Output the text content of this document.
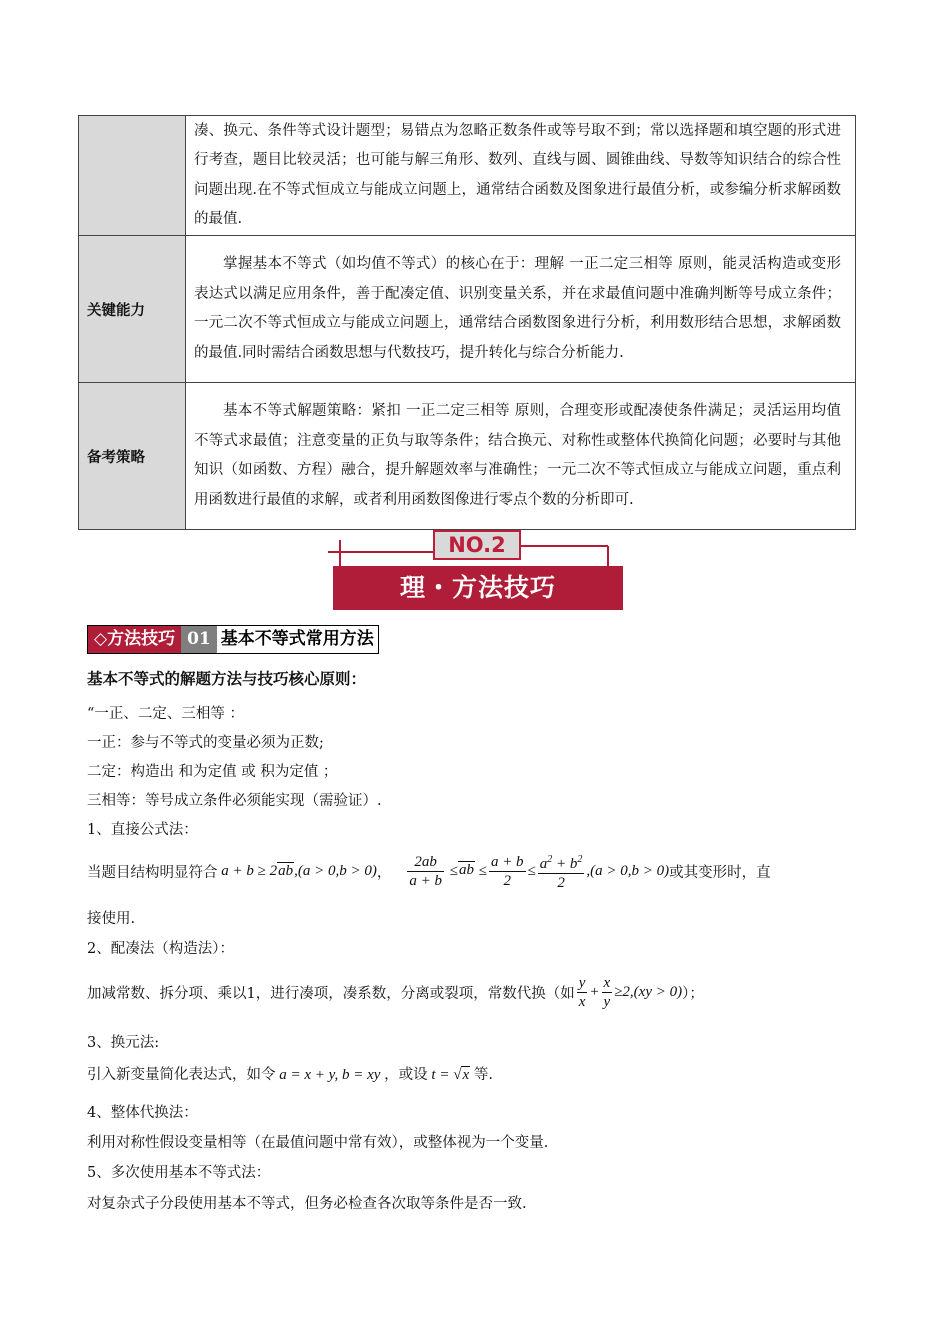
	凑、换元、条件等式设计题型；易错点为忽略正数条件或等号取不到；常以选择题和填空题的形式进行考查，题目比较灵活；也可能与解三角形、数列、直线与圆、圆锥曲线、导数等知识结合的综合性问题出现.在不等式恒成立与能成立问题上，通常结合函数及图象进行最值分析，或参编分析求解函数的最值.
关键能力	掌握基本不等式（如均值不等式）的核心在于：理解 一正二定三相等 原则，能灵活构造或变形表达式以满足应用条件，善于配凑定值、识别变量关系，并在求最值问题中准确判断等号成立条件；一元二次不等式恒成立与能成立问题上，通常结合函数图象进行分析，利用数形结合思想，求解函数的最值.同时需结合函数思想与代数技巧，提升转化与综合分析能力.
备考策略	基本不等式解题策略：紧扣 一正二定三相等 原则，合理变形或配凑使条件满足；灵活运用均值不等式求最值；注意变量的正负与取等条件；结合换元、对称性或整体代换简化问题；必要时与其他知识（如函数、方程）融合，提升解题效率与准确性；一元二次不等式恒成立与能成立问题，重点利用函数进行最值的求解，或者利用函数图像进行零点个数的分析即可.
NO.2
理・方法技巧
◇方法技巧 01 基本不等式常用方法
基本不等式的解题方法与技巧核心原则：
“一正、二定、三相等 ：
一正：参与不等式的变量必须为正数;
二定：构造出 和为定值 或 积为定值 ；
三相等：等号成立条件必须能实现（需验证）.
1、直接公式法：
当题目结构明显符合 a + b ≥ 2ab,(a > 0,b > 0) ， $\frac{2ab}{a + b} \le ab \le \frac{a + b}{2} \le \frac{a^2 + b^2}{2} ,(a > 0,b > 0)$ 或其变形时，直
接使用.
2、配凑法（构造法）：
加减常数、拆分项、乘以1，进行凑项，凑系数，分离或裂项，常数代换（如 $\frac{y}{x} + \frac{x}{y} \ge 2,(xy > 0)$ ）；
3、换元法:
引入新变量简化表达式，如令 a = x + y, b = xy ，或设 t = √x 等.
4、整体代换法：
利用对称性假设变量相等（在最值问题中常有效），或整体视为一个变量.
5、多次使用基本不等式法：
对复杂式子分段使用基本不等式，但务必检查各次取等条件是否一致.
